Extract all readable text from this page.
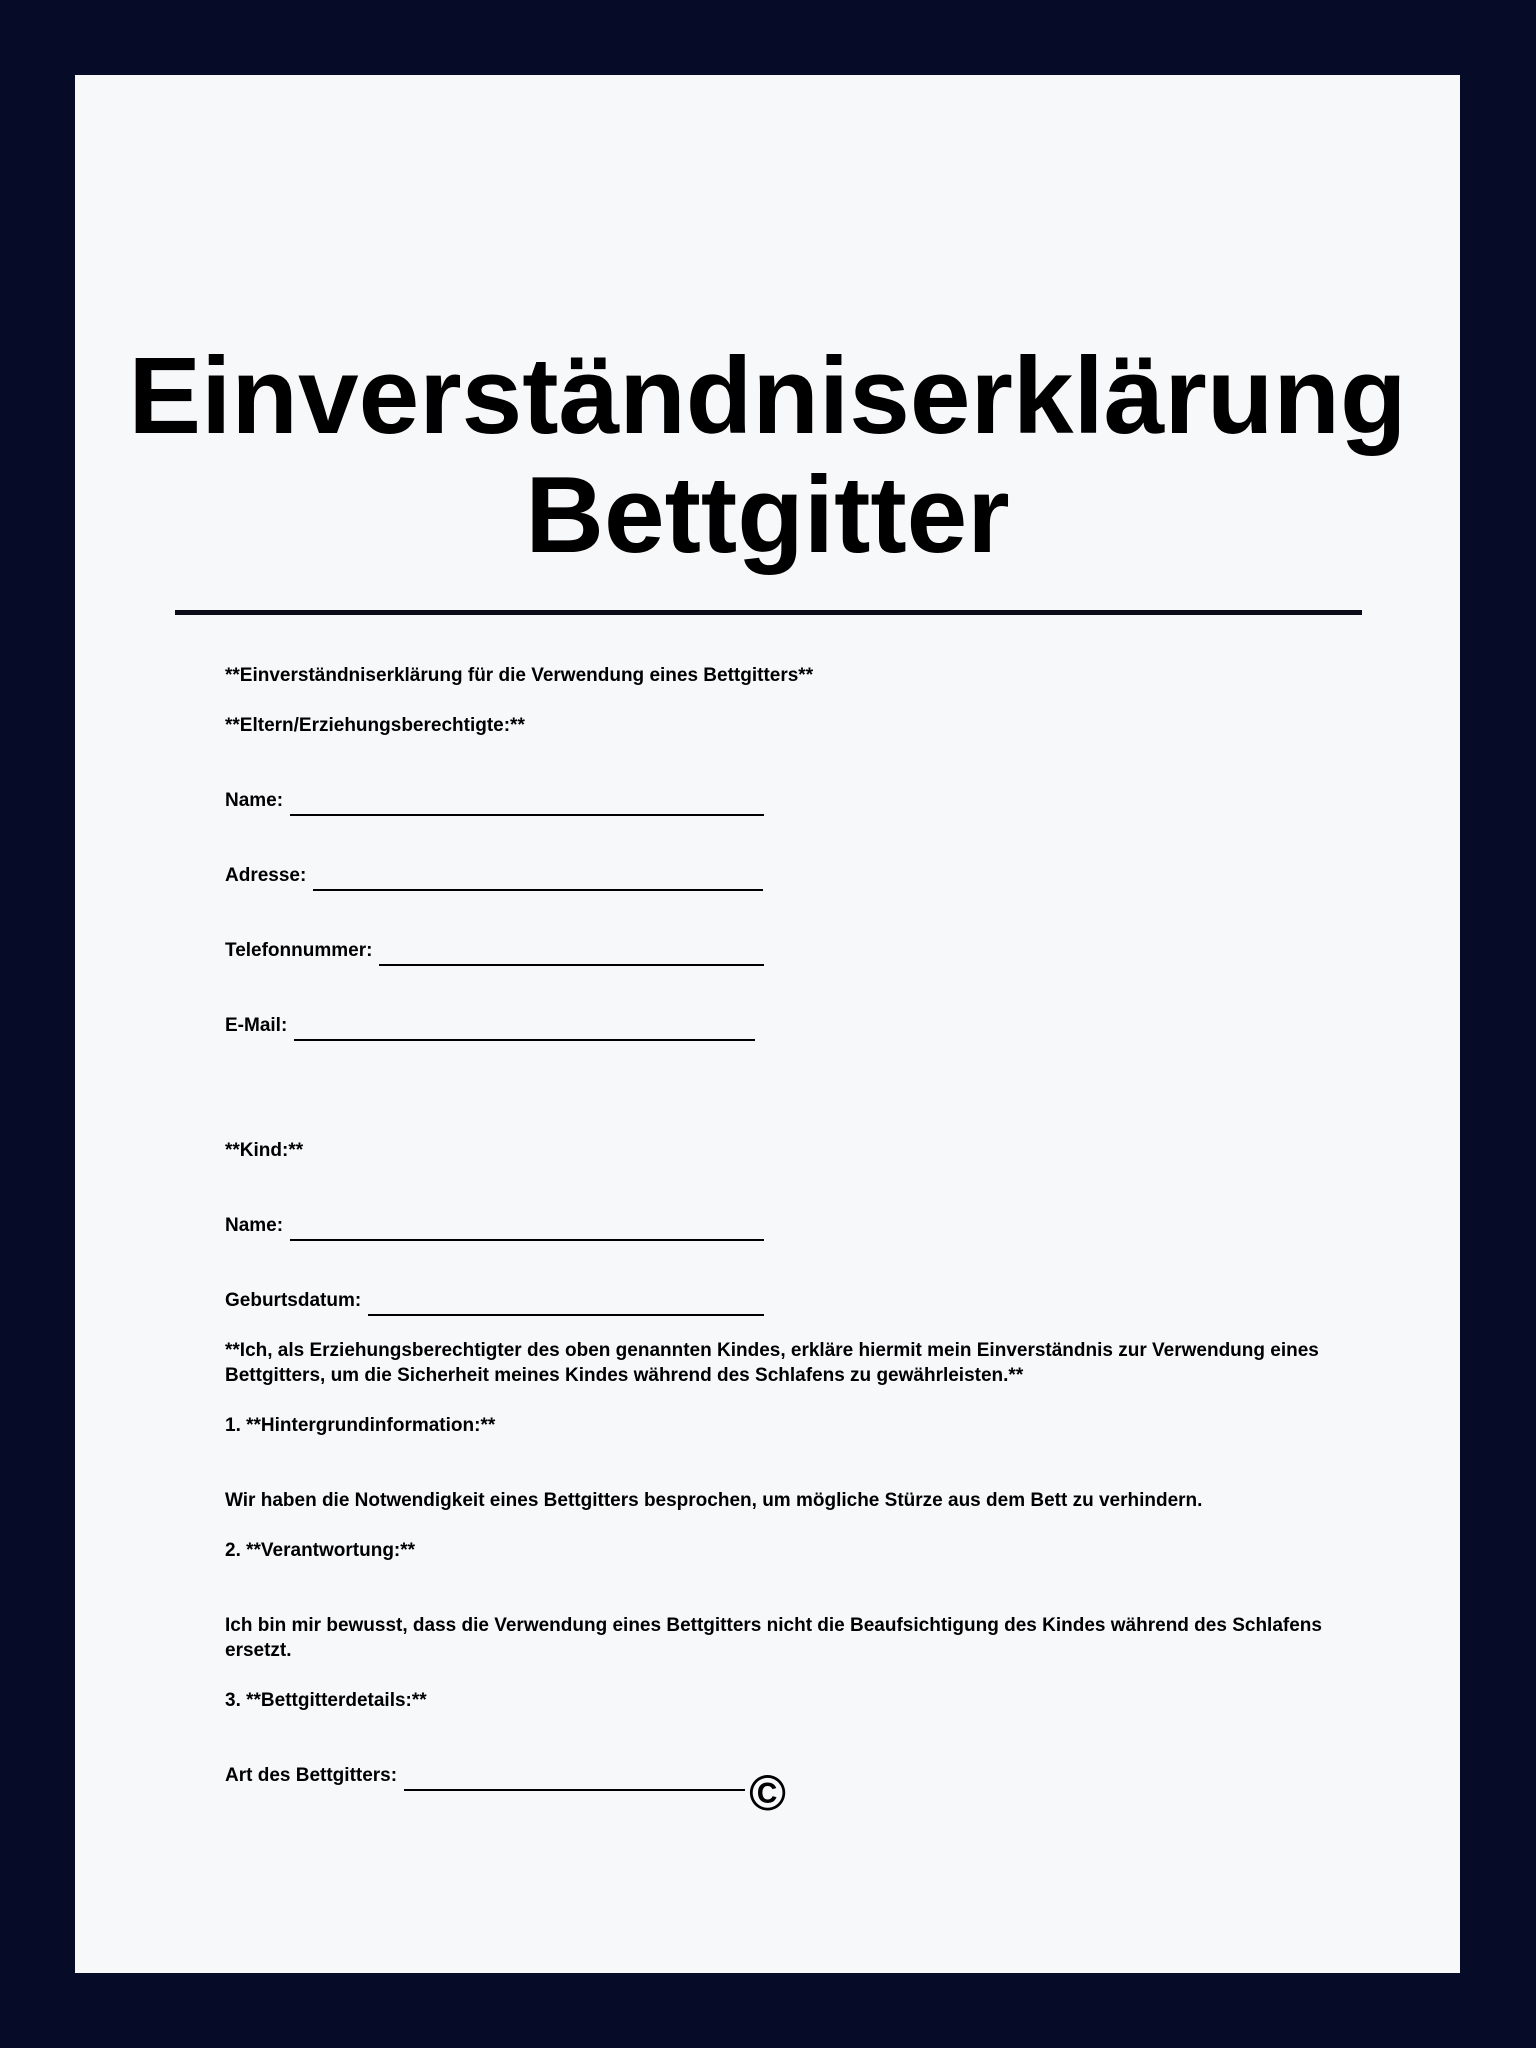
Einverständniserklärung
Bettgitter
**Einverständniserklärung für die Verwendung eines Bettgitters**
**Eltern/Erziehungsberechtigte:**
Name:
Adresse:
Telefonnummer:
E-Mail:
**Kind:**
Name:
Geburtsdatum:
**Ich, als Erziehungsberechtigter des oben genannten Kindes, erkläre hiermit mein Einverständnis zur Verwendung eines Bettgitters, um die Sicherheit meines Kindes während des Schlafens zu gewährleisten.**
1. **Hintergrundinformation:**
Wir haben die Notwendigkeit eines Bettgitters besprochen, um mögliche Stürze aus dem Bett zu verhindern.
2. **Verantwortung:**
Ich bin mir bewusst, dass die Verwendung eines Bettgitters nicht die Beaufsichtigung des Kindes während des Schlafens ersetzt.
3. **Bettgitterdetails:**
Art des Bettgitters:	©
